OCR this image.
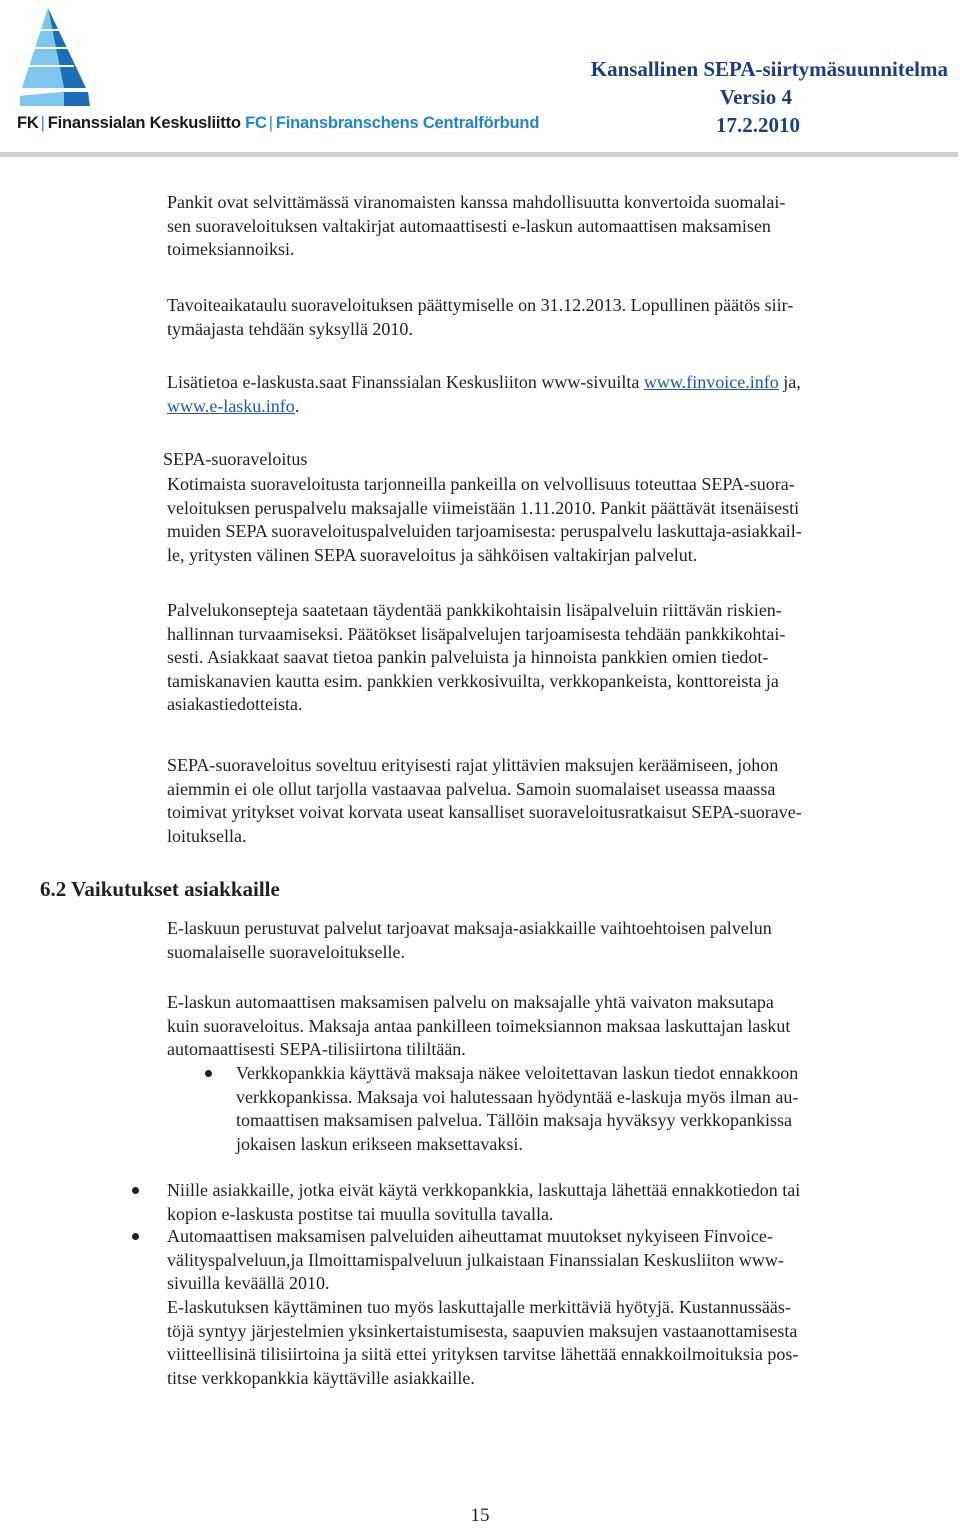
FK | Finanssialan Keskusliitto FC | Finansbranschens Centralförbund
Kansallinen SEPA-siirtymäsuunnitelma
Versio 4
17.2.2010

Pankit ovat selvittämässä viranomaisten kanssa mahdollisuutta konvertoida suomalai-
sen suoraveloituksen valtakirjat automaattisesti e-laskun automaattisen maksamisen
toimeksiannoiksi.

Tavoiteaikataulu suoraveloituksen päättymiselle on 31.12.2013. Lopullinen päätös siir-
tymäajasta tehdään syksyllä 2010.

Lisätietoa e-laskusta.saat Finanssialan Keskusliiton www-sivuilta www.finvoice.info ja,
www.e-lasku.info.

SEPA-suoraveloitus

Kotimaista suoraveloitusta tarjonneilla pankeilla on velvollisuus toteuttaa SEPA-suora-
veloituksen peruspalvelu maksajalle viimeistään 1.11.2010. Pankit päättävät itsenäisesti
muiden SEPA suoraveloituspalveluiden tarjoamisesta: peruspalvelu laskuttaja-asiakkail-
le, yritysten välinen SEPA suoraveloitus ja sähköisen valtakirjan palvelut.

Palvelukonsepteja saatetaan täydentää pankkikohtaisin lisäpalveluin riittävän riskien-
hallinnan turvaamiseksi. Päätökset lisäpalvelujen tarjoamisesta tehdään pankkikohtai-
sesti. Asiakkaat saavat tietoa pankin palveluista ja hinnoista pankkien omien tiedot-
tamiskanavien kautta esim. pankkien verkkosivuilta, verkkopankeista, konttoreista ja
asiakastiedotteista.

SEPA-suoraveloitus soveltuu erityisesti rajat ylittävien maksujen keräämiseen, johon
aiemmin ei ole ollut tarjolla vastaavaa palvelua. Samoin suomalaiset useassa maassa
toimivat yritykset voivat korvata useat kansalliset suoraveloitusratkaisut SEPA-suorave-
loituksella.

6.2 Vaikutukset asiakkaille

E-laskuun perustuvat palvelut tarjoavat maksaja-asiakkaille vaihtoehtoisen palvelun
suomalaiselle suoraveloitukselle.

E-laskun automaattisen maksamisen palvelu on maksajalle yhtä vaivaton maksutapa
kuin suoraveloitus. Maksaja antaa pankilleen toimeksiannon maksaa laskuttajan laskut
automaattisesti SEPA-tilisiirtona tililtään.

Verkkopankkia käyttävä maksaja näkee veloitettavan laskun tiedot ennakkoon
verkkopankissa. Maksaja voi halutessaan hyödyntää e-laskuja myös ilman au-
tomaattisen maksamisen palvelua. Tällöin maksaja hyväksyy verkkopankissa
jokaisen laskun erikseen maksettavaksi.

Niille asiakkaille, jotka eivät käytä verkkopankkia, laskuttaja lähettää ennakkotiedon tai
kopion e-laskusta postitse tai muulla sovitulla tavalla.

Automaattisen maksamisen palveluiden aiheuttamat muutokset nykyiseen Finvoice-
välityspalveluun,ja Ilmoittamispalveluun julkaistaan Finanssialan Keskusliiton www-
sivuilla keväällä 2010.

E-laskutuksen käyttäminen tuo myös laskuttajalle merkittäviä hyötyjä. Kustannussääs-
töjä syntyy järjestelmien yksinkertaistumisesta, saapuvien maksujen vastaanottamisesta
viitteellisinä tilisiirtoina ja siitä ettei yrityksen tarvitse lähettää ennakkoilmoituksia pos-
titse verkkopankkia käyttäville asiakkaille.

15
